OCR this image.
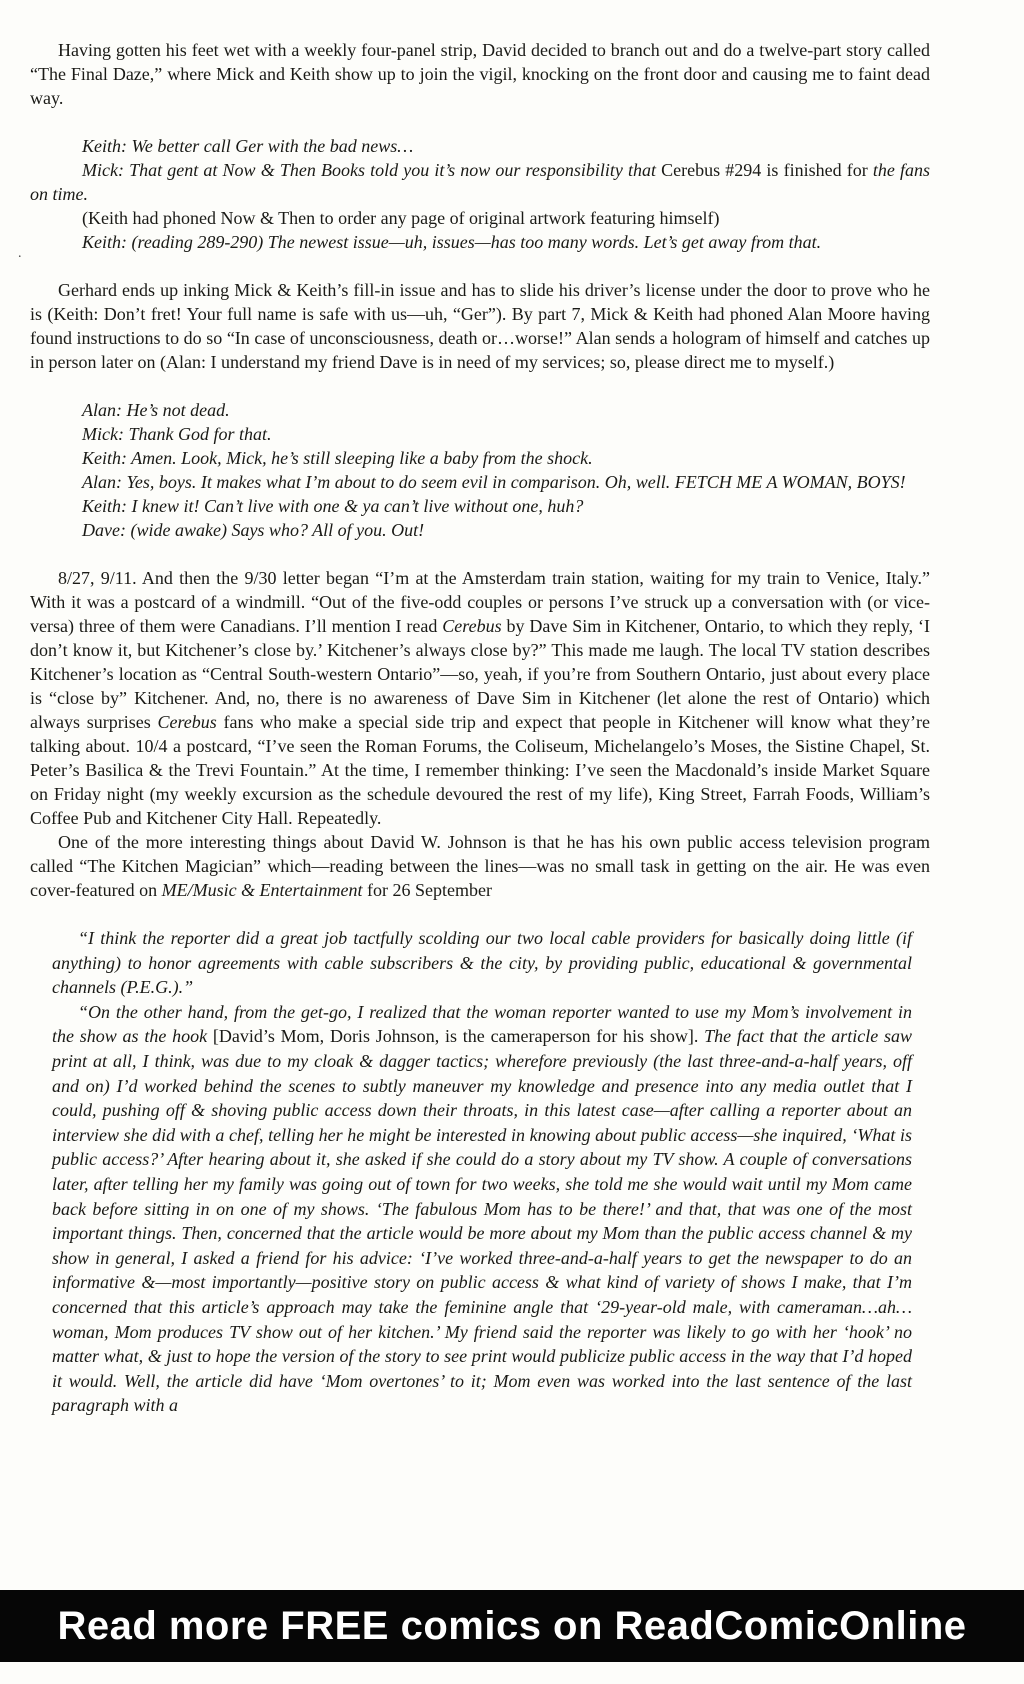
.

Having gotten his feet wet with a weekly four-panel strip, David decided to branch out and do a twelve-part story called “The Final Daze,” where Mick and Keith show up to join the vigil, knocking on the front door and causing me to faint dead way.

Keith: We better call Ger with the bad news…

Mick: That gent at Now & Then Books told you it’s now our responsibility that Cerebus #294 is finished for the fans on time.

(Keith had phoned Now & Then to order any page of original artwork featuring himself)

Keith: (reading 289-290) The newest issue—uh, issues—has too many words. Let’s get away from that.

Gerhard ends up inking Mick & Keith’s fill-in issue and has to slide his driver’s license under the door to prove who he is (Keith: Don’t fret! Your full name is safe with us—uh, “Ger”). By part 7, Mick & Keith had phoned Alan Moore having found instructions to do so “In case of unconsciousness, death or…worse!” Alan sends a hologram of himself and catches up in person later on (Alan: I understand my friend Dave is in need of my services; so, please direct me to myself.)

Alan: He’s not dead.

Mick: Thank God for that.

Keith: Amen. Look, Mick, he’s still sleeping like a baby from the shock.

Alan: Yes, boys. It makes what I’m about to do seem evil in comparison. Oh, well. FETCH ME A WOMAN, BOYS!

Keith: I knew it! Can’t live with one & ya can’t live without one, huh?

Dave: (wide awake) Says who? All of you. Out!

8/27, 9/11. And then the 9/30 letter began “I’m at the Amsterdam train station, waiting for my train to Venice, Italy.” With it was a postcard of a windmill. “Out of the five-odd couples or persons I’ve struck up a conversation with (or vice-versa) three of them were Canadians. I’ll mention I read Cerebus by Dave Sim in Kitchener, Ontario, to which they reply, ‘I don’t know it, but Kitchener’s close by.’ Kitchener’s always close by?” This made me laugh. The local TV station describes Kitchener’s location as “Central South-western Ontario”—so, yeah, if you’re from Southern Ontario, just about every place is “close by” Kitchener. And, no, there is no awareness of Dave Sim in Kitchener (let alone the rest of Ontario) which always surprises Cerebus fans who make a special side trip and expect that people in Kitchener will know what they’re talking about. 10/4 a postcard, “I’ve seen the Roman Forums, the Coliseum, Michelangelo’s Moses, the Sistine Chapel, St. Peter’s Basilica & the Trevi Fountain.” At the time, I remember thinking: I’ve seen the Macdonald’s inside Market Square on Friday night (my weekly excursion as the schedule devoured the rest of my life), King Street, Farrah Foods, William’s Coffee Pub and Kitchener City Hall. Repeatedly.

One of the more interesting things about David W. Johnson is that he has his own public access television program called “The Kitchen Magician” which—reading between the lines—was no small task in getting on the air. He was even cover-featured on ME/Music & Entertainment for 26 September

“I think the reporter did a great job tactfully scolding our two local cable providers for basically doing little (if anything) to honor agreements with cable subscribers & the city, by providing public, educational & governmental channels (P.E.G.).”

“On the other hand, from the get-go, I realized that the woman reporter wanted to use my Mom’s involvement in the show as the hook [David’s Mom, Doris Johnson, is the cameraperson for his show]. The fact that the article saw print at all, I think, was due to my cloak & dagger tactics; wherefore previously (the last three-and-a-half years, off and on) I’d worked behind the scenes to subtly maneuver my knowledge and presence into any media outlet that I could, pushing off & shoving public access down their throats, in this latest case—after calling a reporter about an interview she did with a chef, telling her he might be interested in knowing about public access—she inquired, ‘What is public access?’ After hearing about it, she asked if she could do a story about my TV show. A couple of conversations later, after telling her my family was going out of town for two weeks, she told me she would wait until my Mom came back before sitting in on one of my shows. ‘The fabulous Mom has to be there!’ and that, that was one of the most important things. Then, concerned that the article would be more about my Mom than the public access channel & my show in general, I asked a friend for his advice: ‘I’ve worked three-and-a-half years to get the newspaper to do an informative &—most importantly—positive story on public access & what kind of variety of shows I make, that I’m concerned that this article’s approach may take the feminine angle that ‘29-year-old male, with cameraman…ah…woman, Mom produces TV show out of her kitchen.’ My friend said the reporter was likely to go with her ‘hook’ no matter what, & just to hope the version of the story to see print would publicize public access in the way that I’d hoped it would. Well, the article did have ‘Mom overtones’ to it; Mom even was worked into the last sentence of the last paragraph with a

Read more FREE comics on ReadComicOnline
